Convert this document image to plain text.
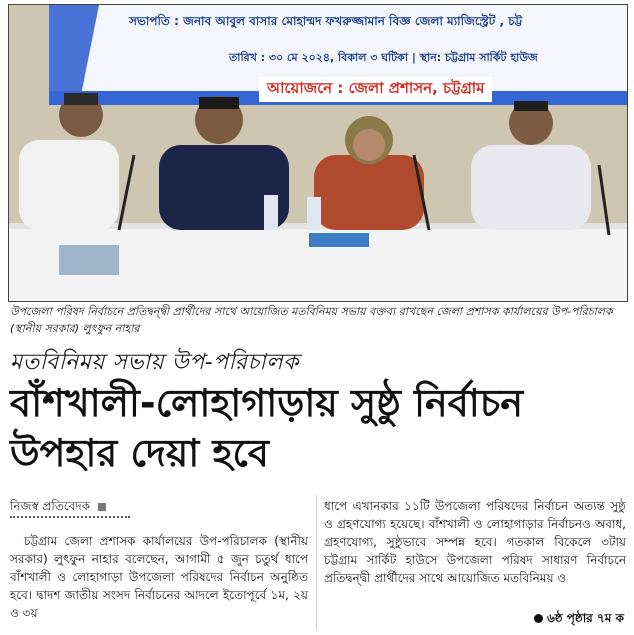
সভাপতি : জনাব আবুল বাসার মোহাম্মদ ফখরুজ্জামান বিজ্ঞ জেলা ম্যাজিস্ট্রেট , চট্ট
তারিখ : ৩০ মে ২০২৪, বিকাল ৩ ঘটিকা | স্থান: চট্টগ্রাম সার্কিট হাউজ
আয়োজনে : জেলা প্রশাসন, চট্টগ্রাম
উপজেলা পরিষদ নির্বাচনে প্রতিদ্বন্দ্বী প্রার্থীদের সাথে আয়োজিত মতবিনিময় সভায় বক্তব্য রাখছেন জেলা প্রশাসক কার্যালয়ের উপ-পরিচালক (স্থানীয় সরকার) লুৎফুন নাহার
মতবিনিময় সভায় উপ-পরিচালক
বাঁশখালী-লোহাগাড়ায় সুষ্ঠু নির্বাচন উপহার দেয়া হবে
নিজস্ব প্রতিবেদক
চট্টগ্রাম জেলা প্রশাসক কার্যালয়ের উপ-পরিচালক (স্থানীয় সরকার) লুৎফুন নাহার বলেছেন, আগামী ৫ জুন চতুর্থ ধাপে বাঁশখালী ও লোহাগাড়া উপজেলা পরিষদের নির্বাচন অনুষ্ঠিত হবে। দ্বাদশ জাতীয় সংসদ নির্বাচনের আদলে ইতোপূর্বে ১ম, ২য় ও ৩য়
ধাপে এখানকার ১১টি উপজেলা পরিষদের নির্বাচন অত্যন্ত সুষ্ঠু ও গ্রহণযোগ্য হয়েছে। বাঁশখালী ও লোহাগাড়ার নির্বাচনও অবাধ, গ্রহণযোগ্য, সুষ্ঠুভাবে সম্পন্ন হবে। গতকাল বিকেলে ৩টায় চট্টগ্রাম সার্কিট হাউসে উপজেলা পরিষদ সাধারণ নির্বাচনে প্রতিদ্বন্দ্বী প্রার্থীদের সাথে আয়োজিত মতবিনিময় ও
৬ষ্ঠ পৃষ্ঠার ৭ম ক
